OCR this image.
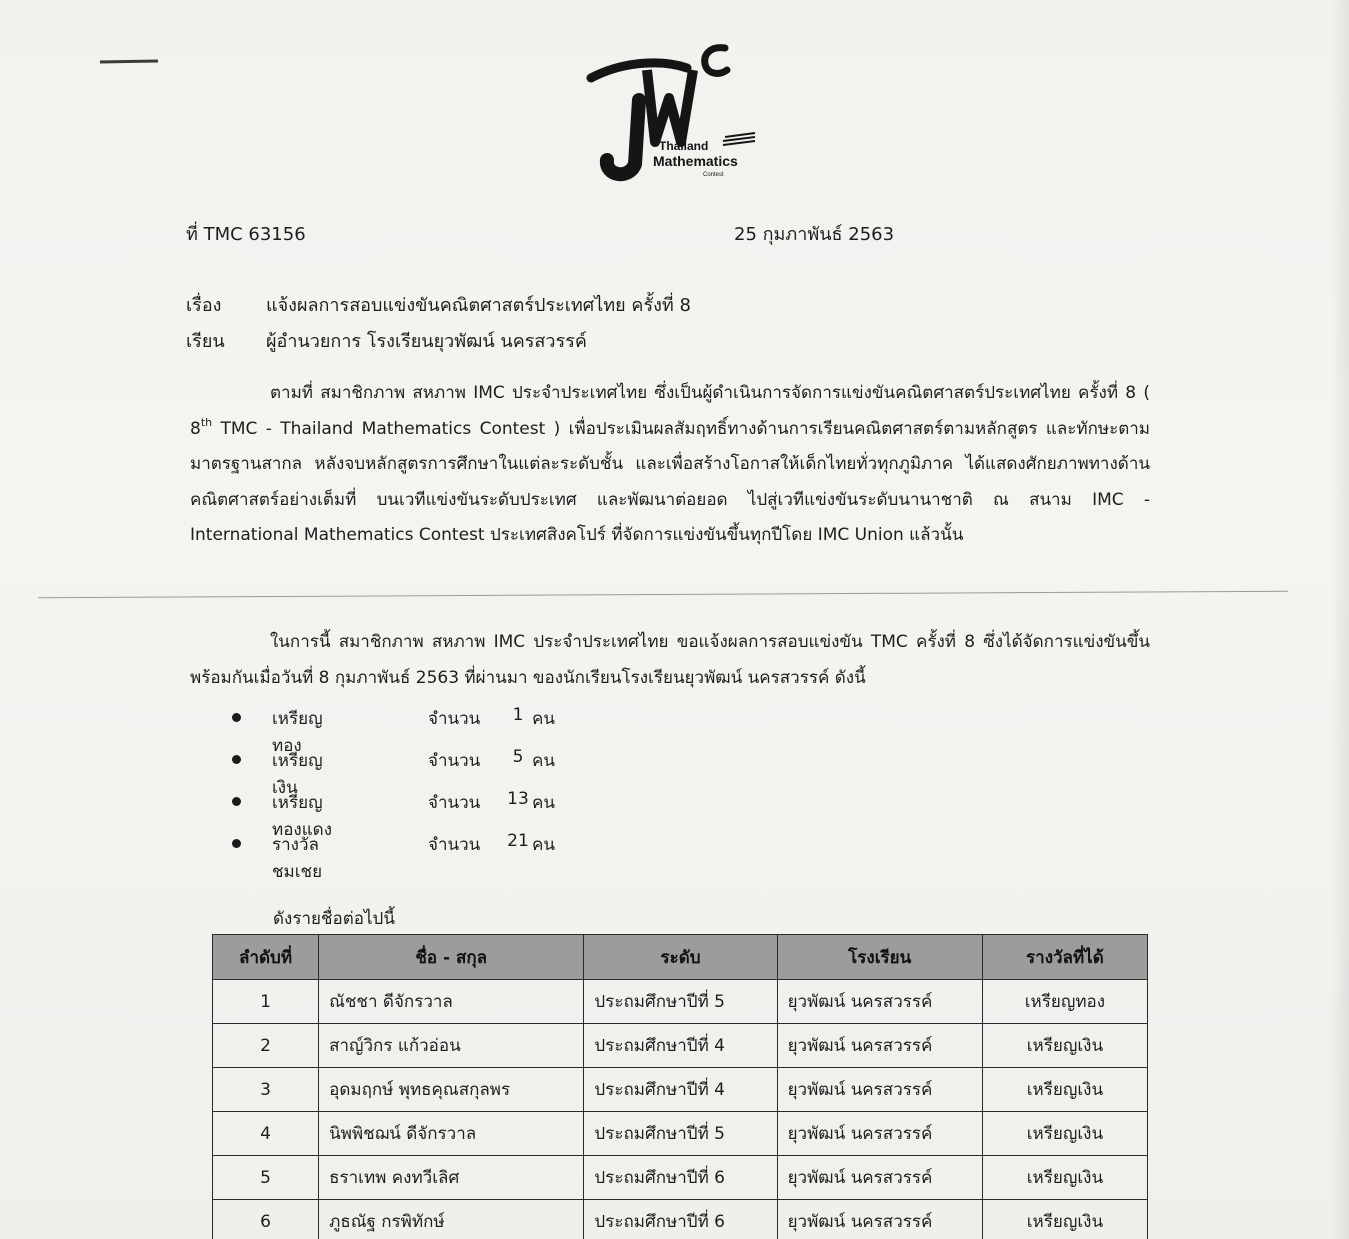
Thailand
Mathematics
Contest
ที่ TMC 63156	25 กุมภาพันธ์ 2563
เรื่อง แจ้งผลการสอบแข่งขันคณิตศาสตร์ประเทศไทย ครั้งที่ 8
เรียน ผู้อำนวยการ โรงเรียนยุวพัฒน์ นครสวรรค์

ตามที่ สมาชิกภาพ สหภาพ IMC ประจำประเทศไทย ซึ่งเป็นผู้ดำเนินการจัดการแข่งขันคณิตศาสตร์ประเทศไทย ครั้งที่ 8 ( 8th TMC - Thailand Mathematics Contest ) เพื่อประเมินผลสัมฤทธิ์ทางด้านการเรียนคณิตศาสตร์ตามหลักสูตร และทักษะตามมาตรฐานสากล หลังจบหลักสูตรการศึกษาในแต่ละระดับชั้น และเพื่อสร้างโอกาสให้เด็กไทยทั่วทุกภูมิภาค ได้แสดงศักยภาพทางด้านคณิตศาสตร์อย่างเต็มที่ บนเวทีแข่งขันระดับประเทศ และพัฒนาต่อยอด ไปสู่เวทีแข่งขันระดับนานาชาติ ณ สนาม IMC - International Mathematics Contest ประเทศสิงคโปร์ ที่จัดการแข่งขันขึ้นทุกปีโดย IMC Union แล้วนั้น

ในการนี้ สมาชิกภาพ สหภาพ IMC ประจำประเทศไทย ขอแจ้งผลการสอบแข่งขัน TMC ครั้งที่ 8 ซึ่งได้จัดการแข่งขันขึ้นพร้อมกันเมื่อวันที่ 8 กุมภาพันธ์ 2563 ที่ผ่านมา ของนักเรียนโรงเรียนยุวพัฒน์ นครสวรรค์ ดังนี้

เหรียญทอง
จำนวน	1 คน
เหรียญเงิน
จำนวน	5 คน
เหรียญทองแดง
จำนวน	13 คน
รางวัลชมเชย
จำนวน	21 คน
ดังรายชื่อต่อไปนี้
ลำดับที่	ชื่อ - สกุล	ระดับ	โรงเรียน	รางวัลที่ได้
1	ณัชชา ดีจักรวาล	ประถมศึกษาปีที่ 5	ยุวพัฒน์ นครสวรรค์	เหรียญทอง
2	สาญ์วิกร แก้วอ่อน	ประถมศึกษาปีที่ 4	ยุวพัฒน์ นครสวรรค์	เหรียญเงิน
3	อุดมฤกษ์ พุทธคุณสกุลพร	ประถมศึกษาปีที่ 4	ยุวพัฒน์ นครสวรรค์	เหรียญเงิน
4	นิพพิชฌน์ ดีจักรวาล	ประถมศึกษาปีที่ 5	ยุวพัฒน์ นครสวรรค์	เหรียญเงิน
5	ธราเทพ คงทวีเลิศ	ประถมศึกษาปีที่ 6	ยุวพัฒน์ นครสวรรค์	เหรียญเงิน
6	ภูธณัฐ กรพิทักษ์	ประถมศึกษาปีที่ 6	ยุวพัฒน์ นครสวรรค์	เหรียญเงิน
